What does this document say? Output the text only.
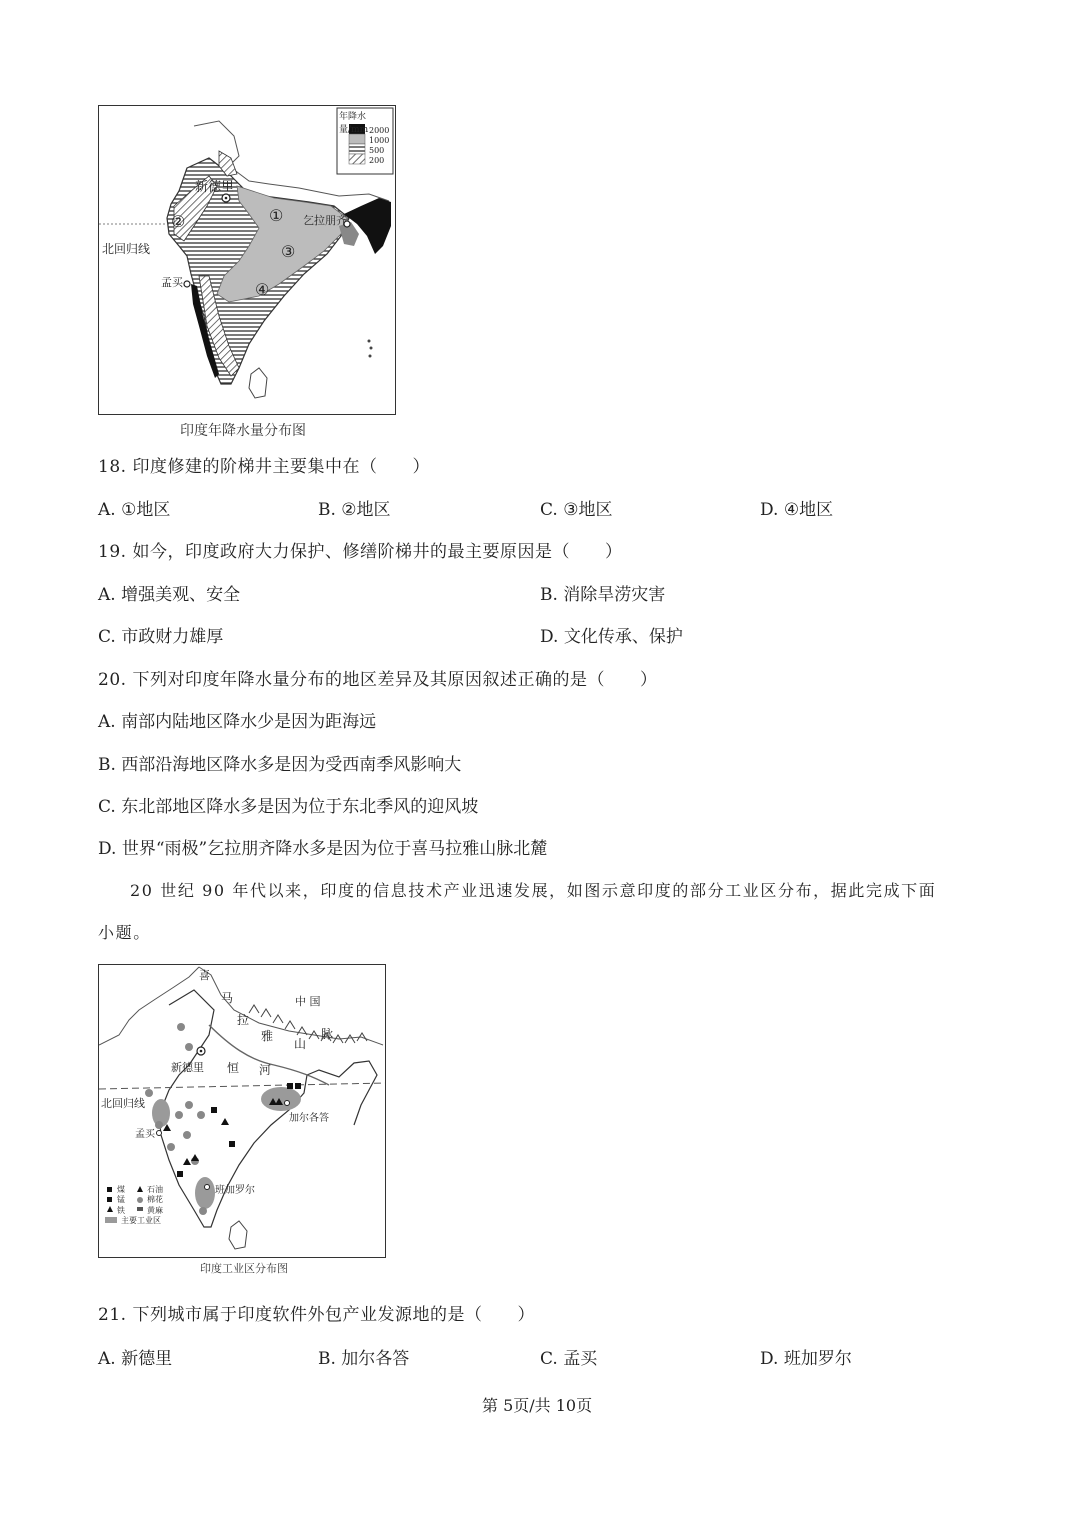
年降水量/mm 2000
1000
500
200
新德里
乞拉朋齐
北回归线
孟买
①
②
③
④
印度年降水量分布图
18. 印度修建的阶梯井主要集中在（　　）
A. ①地区	B. ②地区	C. ③地区	D. ④地区
19. 如今，印度政府大力保护、修缮阶梯井的最主要原因是（　　）
A. 增强美观、安全	B. 消除旱涝灾害
C. 市政财力雄厚	D. 文化传承、保护
20. 下列对印度年降水量分布的地区差异及其原因叙述正确的是（　　）
A. 南部内陆地区降水少是因为距海远
B. 西部沿海地区降水多是因为受西南季风影响大
C. 东北部地区降水多是因为位于东北季风的迎风坡
D. 世界“雨极”乞拉朋齐降水多是因为位于喜马拉雅山脉北麓
20 世纪 90 年代以来，印度的信息技术产业迅速发展，如图示意印度的部分工业区分布，据此完成下面
小题。
喜
马
拉
雅
山
脉
中 国
新德里 恒 河
北回归线
加尔各答
孟买
班加罗尔
煤	石油
锰	棉花
铁	黄麻
主要工业区
印度工业区分布图
21. 下列城市属于印度软件外包产业发源地的是（　　）
A. 新德里	B. 加尔各答	C. 孟买	D. 班加罗尔
第 5页/共 10页
